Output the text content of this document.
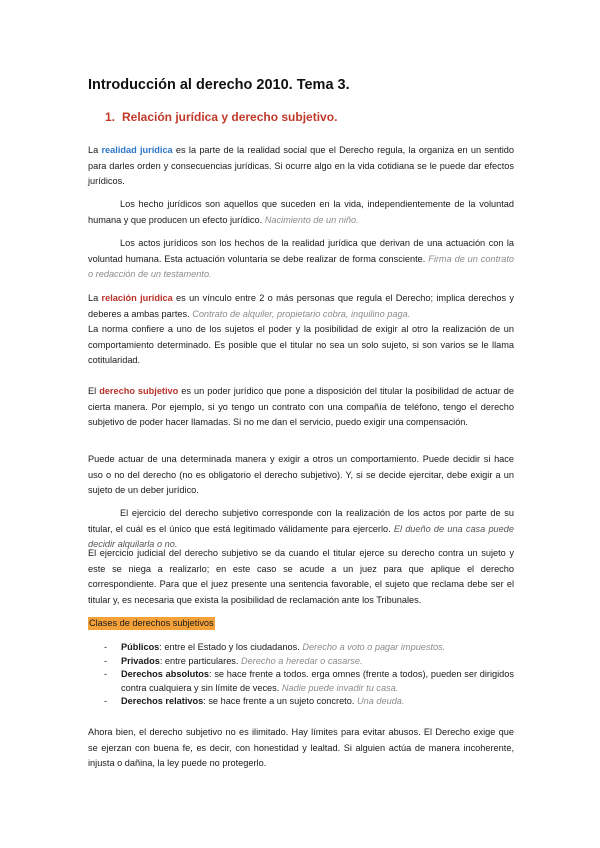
Introducción al derecho 2010. Tema 3.
1. Relación jurídica y derecho subjetivo.

La realidad jurídica es la parte de la realidad social que el Derecho regula, la organiza en un sentido para darles orden y consecuencias jurídicas. Si ocurre algo en la vida cotidiana se le puede dar efectos jurídicos.

Los hecho jurídicos son aquellos que suceden en la vida, independientemente de la voluntad humana y que producen un efecto jurídico. Nacimiento de un niño.

Los actos jurídicos son los hechos de la realidad jurídica que derivan de una actuación con la voluntad humana. Esta actuación voluntaria se debe realizar de forma consciente. Firma de un contrato o redacción de un testamento.

La relación jurídica es un vínculo entre 2 o más personas que regula el Derecho; implica derechos y deberes a ambas partes. Contrato de alquiler, propietario cobra, inquilino paga.

La norma confiere a uno de los sujetos el poder y la posibilidad de exigir al otro la realización de un comportamiento determinado. Es posible que el titular no sea un solo sujeto, si son varios se le llama cotitularidad.

El derecho subjetivo es un poder jurídico que pone a disposición del titular la posibilidad de actuar de cierta manera. Por ejemplo, si yo tengo un contrato con una compañía de teléfono, tengo el derecho subjetivo de poder hacer llamadas. Si no me dan el servicio, puedo exigir una compensación.

Puede actuar de una determinada manera y exigir a otros un comportamiento. Puede decidir si hace uso o no del derecho (no es obligatorio el derecho subjetivo). Y, si se decide ejercitar, debe exigir a un sujeto de un deber jurídico.

El ejercicio del derecho subjetivo corresponde con la realización de los actos por parte de su titular, el cuál es el único que está legitimado válidamente para ejercerlo. El dueño de una casa puede decidir alquilarla o no.

El ejercicio judicial del derecho subjetivo se da cuando el titular ejerce su derecho contra un sujeto y este se niega a realizarlo; en este caso se acude a un juez para que aplique el derecho correspondiente. Para que el juez presente una sentencia favorable, el sujeto que reclama debe ser el titular y, es necesaria que exista la posibilidad de reclamación ante los Tribunales.

Clases de derechos subjetivos
- Públicos: entre el Estado y los ciudadanos. Derecho a voto o pagar impuestos.
- Privados: entre particulares. Derecho a heredar o casarse.
- Derechos absolutos: se hace frente a todos. erga omnes (frente a todos), pueden ser dirigidos contra cualquiera y sin límite de veces. Nadie puede invadir tu casa.
- Derechos relativos: se hace frente a un sujeto concreto. Una deuda.

Ahora bien, el derecho subjetivo no es ilimitado. Hay límites para evitar abusos. El Derecho exige que se ejerzan con buena fe, es decir, con honestidad y lealtad. Si alguien actúa de manera incoherente, injusta o dañina, la ley puede no protegerlo.
